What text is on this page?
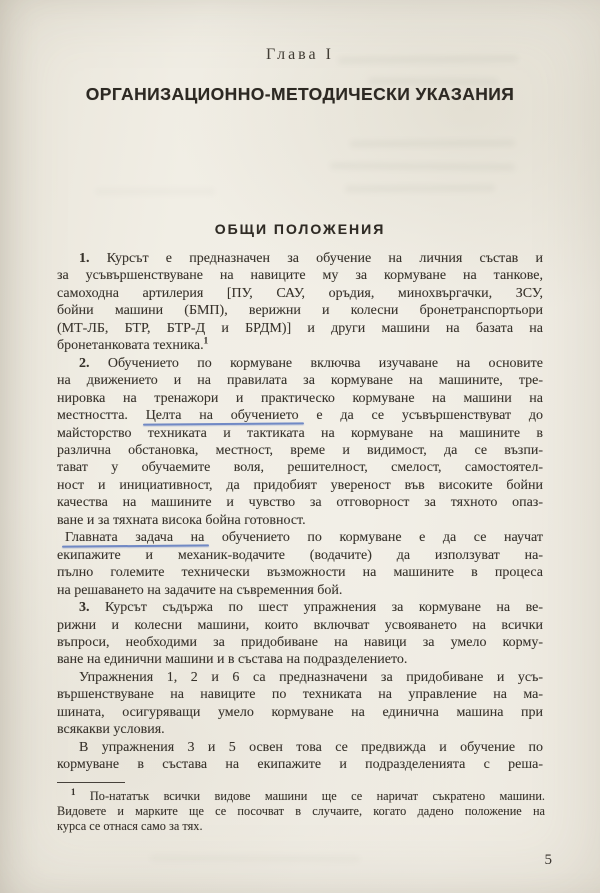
Глава I
ОРГАНИЗАЦИОННО-МЕТОДИЧЕСКИ УКАЗАНИЯ
ОБЩИ ПОЛОЖЕНИЯ
1. Курсът е предназначен за обучение на личния състав и
за усъвършенствуване на навиците му за кормуване на танкове,
самоходна артилерия [ПУ, САУ, оръдия, минохвъргачки, ЗСУ,
бойни машини (БМП), верижни и колесни бронетранспортьори
(МТ-ЛБ, БТР, БТР-Д и БРДМ)] и други машини на базата на
бронетанковата техника.$^1$
2. Обучението по кормуване включва изучаване на основите
на движението и на правилата за кормуване на машините, тре-
нировка на тренажори и практическо кормуване на машини на
местността. Целта на обучението е да се усъвършенствуват до
майсторство техниката и тактиката на кормуване на машините в
различна обстановка, местност, време и видимост, да се възпи-
тават у обучаемите воля, решителност, смелост, самостоятел-
ност и инициативност, да придобият увереност във високите бойни
качества на машините и чувство за отговорност за тяхното опаз-
ване и за тяхната висока бойна готовност.
Главната задача на обучението по кормуване е да се научат
екипажите и механик-водачите (водачите) да използуват на-
пълно големите технически възможности на машините в процеса
на решаването на задачите на съвременния бой.
3. Курсът съдържа по шест упражнения за кормуване на ве-
рижни и колесни машини, които включват усвояването на всички
въпроси, необходими за придобиване на навици за умело корму-
ване на единични машини и в състава на подразделението.
Упражнения 1, 2 и 6 са предназначени за придобиване и усъ-
вършенствуване на навиците по техниката на управление на ма-
шината, осигуряващи умело кормуване на единична машина при
всякакви условия.
В упражнения 3 и 5 освен това се предвижда и обучение по
кормуване в състава на екипажите и подразделенията с реша-
$^1$ По-нататък всички видове машини ще се наричат съкратено машини.
Видовете и марките ще се посочват в случаите, когато дадено положение на
курса се отнася само за тях.
5
